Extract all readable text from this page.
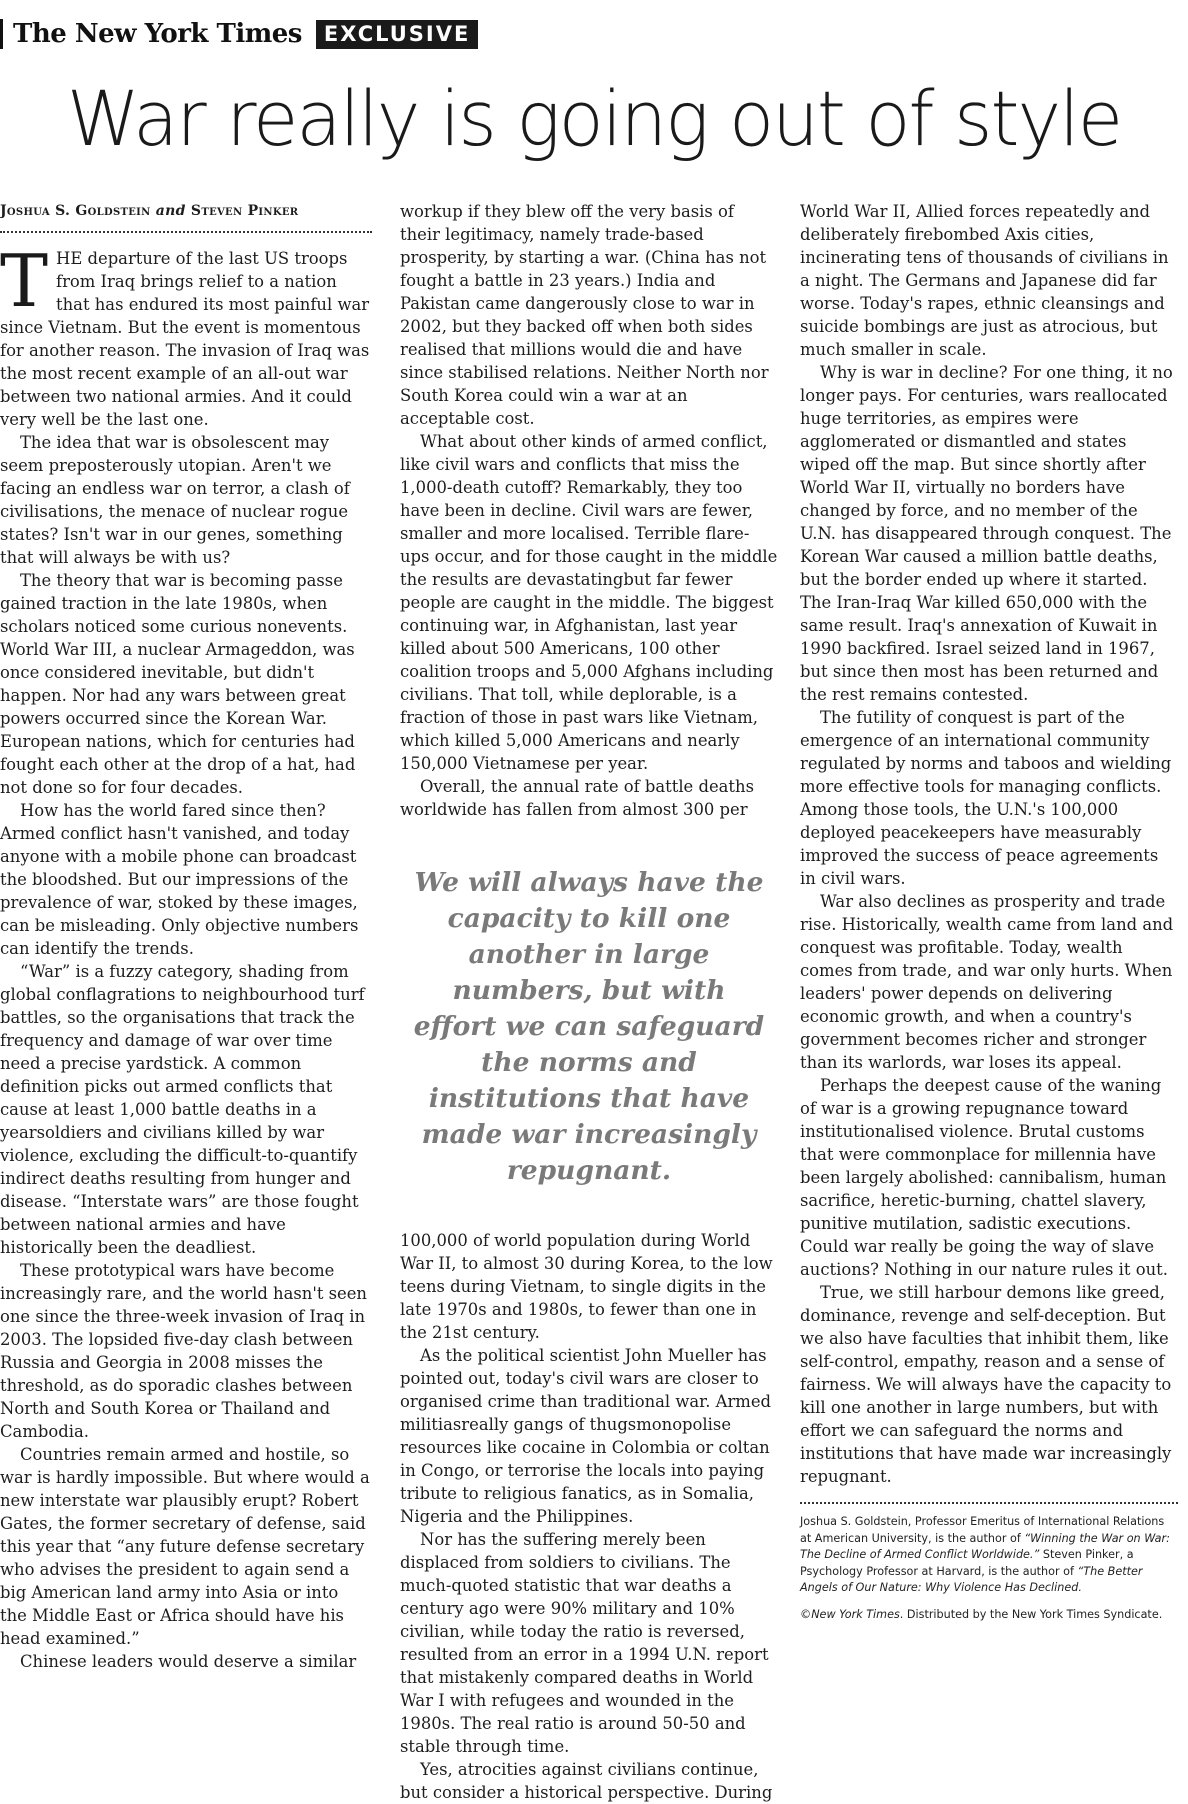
The New York Times	EXCLUSIVE
War really is going out of style
Joshua S. Goldstein and Steven Pinker

THE departure of the last US troops from Iraq brings relief to a nation that has endured its most painful war since Vietnam. But the event is momentous for another reason. The invasion of Iraq was the most recent example of an all-out war between two national armies. And it could very well be the last one.

The idea that war is obsolescent may seem preposterously utopian. Aren't we facing an endless war on terror, a clash of civilisations, the menace of nuclear rogue states? Isn't war in our genes, something that will always be with us?

The theory that war is becoming passe gained traction in the late 1980s, when scholars noticed some curious nonevents. World War III, a nuclear Armageddon, was once considered inevitable, but didn't happen. Nor had any wars between great powers occurred since the Korean War. European nations, which for centuries had fought each other at the drop of a hat, had not done so for four decades.

How has the world fared since then? Armed conflict hasn't vanished, and today anyone with a mobile phone can broadcast the bloodshed. But our impressions of the prevalence of war, stoked by these images, can be misleading. Only objective numbers can identify the trends.

“War” is a fuzzy category, shading from global conflagrations to neighbourhood turf battles, so the organisations that track the frequency and damage of war over time need a precise yardstick. A common definition picks out armed conflicts that cause at least 1,000 battle deaths in a yearsoldiers and civilians killed by war violence, excluding the difficult-to-quantify indirect deaths resulting from hunger and disease. “Interstate wars” are those fought between national armies and have historically been the deadliest.

These prototypical wars have become increasingly rare, and the world hasn't seen one since the three-week invasion of Iraq in 2003. The lopsided five-day clash between Russia and Georgia in 2008 misses the threshold, as do sporadic clashes between North and South Korea or Thailand and Cambodia.

Countries remain armed and hostile, so war is hardly impossible. But where would a new interstate war plausibly erupt? Robert Gates, the former secretary of defense, said this year that “any future defense secretary who advises the president to again send a big American land army into Asia or into the Middle East or Africa should have his head examined.”

Chinese leaders would deserve a similar

workup if they blew off the very basis of their legitimacy, namely trade-based prosperity, by starting a war. (China has not fought a battle in 23 years.) India and Pakistan came dangerously close to war in 2002, but they backed off when both sides realised that millions would die and have since stabilised relations. Neither North nor South Korea could win a war at an acceptable cost.

What about other kinds of armed conflict, like civil wars and conflicts that miss the 1,000-death cutoff? Remarkably, they too have been in decline. Civil wars are fewer, smaller and more localised. Terrible flare-ups occur, and for those caught in the middle the results are devastatingbut far fewer people are caught in the middle. The biggest continuing war, in Afghanistan, last year killed about 500 Americans, 100 other coalition troops and 5,000 Afghans including civilians. That toll, while deplorable, is a fraction of those in past wars like Vietnam, which killed 5,000 Americans and nearly 150,000 Vietnamese per year.

Overall, the annual rate of battle deaths worldwide has fallen from almost 300 per

We will always have the capacity to kill one another in large numbers, but with effort we can safeguard the norms and institutions that have made war increasingly repugnant.

100,000 of world population during World War II, to almost 30 during Korea, to the low teens during Vietnam, to single digits in the late 1970s and 1980s, to fewer than one in the 21st century.

As the political scientist John Mueller has pointed out, today's civil wars are closer to organised crime than traditional war. Armed militiasreally gangs of thugsmonopolise resources like cocaine in Colombia or coltan in Congo, or terrorise the locals into paying tribute to religious fanatics, as in Somalia, Nigeria and the Philippines.

Nor has the suffering merely been displaced from soldiers to civilians. The much-quoted statistic that war deaths a century ago were 90% military and 10% civilian, while today the ratio is reversed, resulted from an error in a 1994 U.N. report that mistakenly compared deaths in World War I with refugees and wounded in the 1980s. The real ratio is around 50-50 and stable through time.

Yes, atrocities against civilians continue, but consider a historical perspective. During

World War II, Allied forces repeatedly and deliberately firebombed Axis cities, incinerating tens of thousands of civilians in a night. The Germans and Japanese did far worse. Today's rapes, ethnic cleansings and suicide bombings are just as atrocious, but much smaller in scale.

Why is war in decline? For one thing, it no longer pays. For centuries, wars reallocated huge territories, as empires were agglomerated or dismantled and states wiped off the map. But since shortly after World War II, virtually no borders have changed by force, and no member of the U.N. has disappeared through conquest. The Korean War caused a million battle deaths, but the border ended up where it started. The Iran-Iraq War killed 650,000 with the same result. Iraq's annexation of Kuwait in 1990 backfired. Israel seized land in 1967, but since then most has been returned and the rest remains contested.

The futility of conquest is part of the emergence of an international community regulated by norms and taboos and wielding more effective tools for managing conflicts. Among those tools, the U.N.'s 100,000 deployed peacekeepers have measurably improved the success of peace agreements in civil wars.

War also declines as prosperity and trade rise. Historically, wealth came from land and conquest was profitable. Today, wealth comes from trade, and war only hurts. When leaders' power depends on delivering economic growth, and when a country's government becomes richer and stronger than its warlords, war loses its appeal.

Perhaps the deepest cause of the waning of war is a growing repugnance toward institutionalised violence. Brutal customs that were commonplace for millennia have been largely abolished: cannibalism, human sacrifice, heretic-burning, chattel slavery, punitive mutilation, sadistic executions. Could war really be going the way of slave auctions? Nothing in our nature rules it out.

True, we still harbour demons like greed, dominance, revenge and self-deception. But we also have faculties that inhibit them, like self-control, empathy, reason and a sense of fairness. We will always have the capacity to kill one another in large numbers, but with effort we can safeguard the norms and institutions that have made war increasingly repugnant.

Joshua S. Goldstein, Professor Emeritus of International Relations at American University, is the author of “Winning the War on War: The Decline of Armed Conflict Worldwide.” Steven Pinker, a Psychology Professor at Harvard, is the author of “The Better Angels of Our Nature: Why Violence Has Declined.
©New York Times. Distributed by the New York Times Syndicate.
